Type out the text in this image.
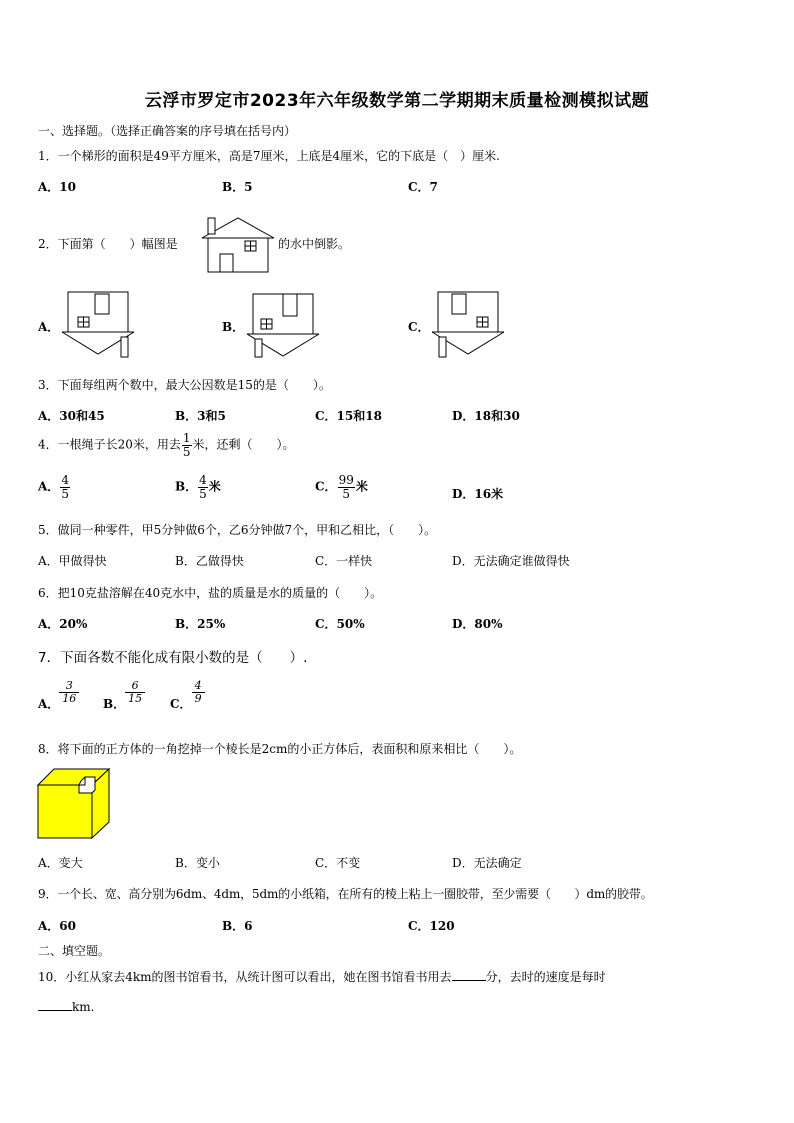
云浮市罗定市2023年六年级数学第二学期期末质量检测模拟试题
一、选择题。（选择正确答案的序号填在括号内）
1．一个梯形的面积是49平方厘米，高是7厘米，上底是4厘米，它的下底是（　）厘米.
A．10	B．5	C．7
2．下面第（　　）幅图是	的水中倒影。
A．	B．	C．
3．下面每组两个数中，最大公因数是15的是（　　）。
A．30和45	B．3和5	C．15和18	D．18和30
4．一根绳子长20米，用去 $\frac{1}{5}$ 米，还剩（　　）。
A． $\frac{4}{5}$	B． $\frac{4}{5}$ 米	C． $\frac{99}{5}$ 米
D．16米
5．做同一种零件，甲5分钟做6个，乙6分钟做7个，甲和乙相比，（　　）。
A．甲做得快	B．乙做得快	C．一样快	D．无法确定谁做得快
6．把10克盐溶解在40克水中，盐的质量是水的质量的（　　）。
A．20%	B．25%	C．50%	D．80%
7．下面各数不能化成有限小数的是（　　）.
A． $\frac{3}{16}$ B． $\frac{6}{15}$ C． $\frac{4}{9}$
8．将下面的正方体的一角挖掉一个棱长是2cm的小正方体后，表面积和原来相比（　　）。
A．变大	B．变小	C．不变	D．无法确定
9．一个长、宽、高分别为6dm、4dm，5dm的小纸箱，在所有的棱上粘上一圈胶带，至少需要（　　）dm的胶带。
A．60	B．6	C．120
二、填空题。
10．小红从家去4km的图书馆看书，从统计图可以看出，她在图书馆看书用去	分，去时的速度是每时
km.
